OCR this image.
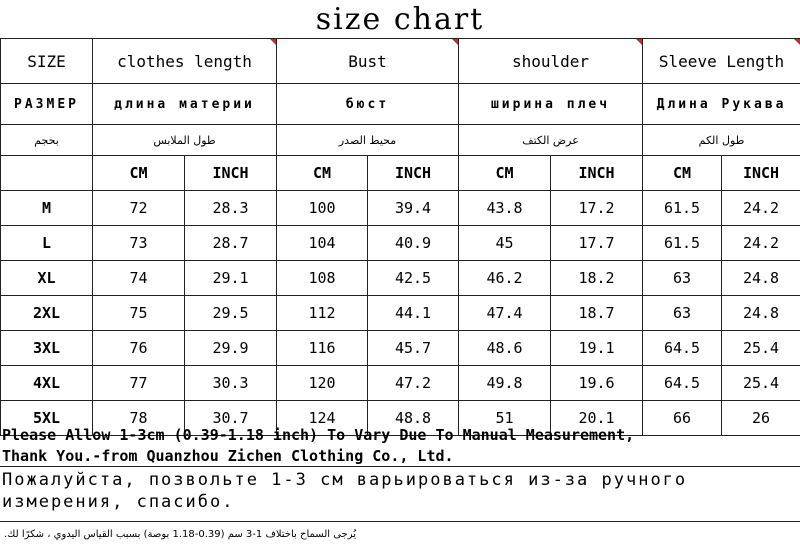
size chart
SIZE	clothes length		Bust		shoulder		Sleeve Length	
РАЗМЕР	длина материи		бюст		ширина плеч		Длина Рукава	
بحجم	طول الملابس		محيط الصدر		عرض الكتف		طول الكم	
	CM	INCH	CM	INCH	CM	INCH	CM	INCH
M	72	28.3	100	39.4	43.8	17.2	61.5	24.2
L	73	28.7	104	40.9	45	17.7	61.5	24.2
XL	74	29.1	108	42.5	46.2	18.2	63	24.8
2XL	75	29.5	112	44.1	47.4	18.7	63	24.8
3XL	76	29.9	116	45.7	48.6	19.1	64.5	25.4
4XL	77	30.3	120	47.2	49.8	19.6	64.5	25.4
5XL	78	30.7	124	48.8	51	20.1	66	26
Please Allow 1-3cm (0.39-1.18 inch) To Vary Due To Manual Measurement,
Thank You.-from Quanzhou Zichen Clothing Co., Ltd.
Пожалуйста, позвольте 1-3 см варьироваться из-за ручного измерения, спасибо.
يُرجى السماح باختلاف 1-3 سم (0.39-1.18 بوصة) بسبب القياس اليدوي ، شكرًا لك.
